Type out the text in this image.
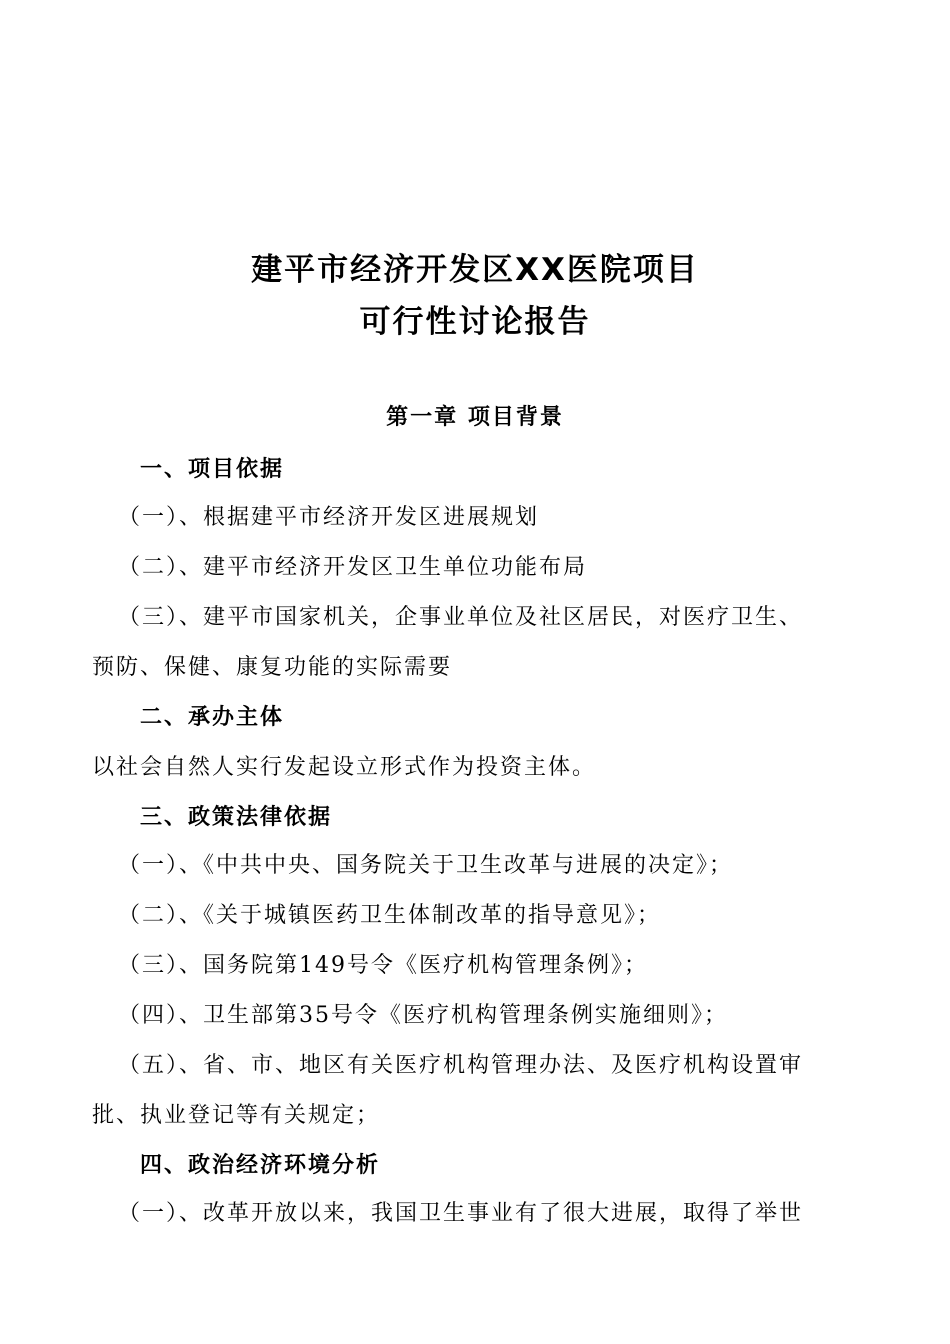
建平市经济开发区XX医院项目
可行性讨论报告
第一章 项目背景
一、项目依据
（一）、根据建平市经济开发区进展规划
（二）、建平市经济开发区卫生单位功能布局
（三）、建平市国家机关，企事业单位及社区居民，对医疗卫生、
预防、保健、康复功能的实际需要
二、承办主体
以社会自然人实行发起设立形式作为投资主体。
三、政策法律依据
（一）、《中共中央、国务院关于卫生改革与进展的决定》；
（二）、《关于城镇医药卫生体制改革的指导意见》；
（三）、国务院第149号令《医疗机构管理条例》；
（四）、卫生部第35号令《医疗机构管理条例实施细则》；
（五）、省、市、地区有关医疗机构管理办法、及医疗机构设置审
批、执业登记等有关规定；
四、政治经济环境分析
（一）、改革开放以来，我国卫生事业有了很大进展，取得了举世
